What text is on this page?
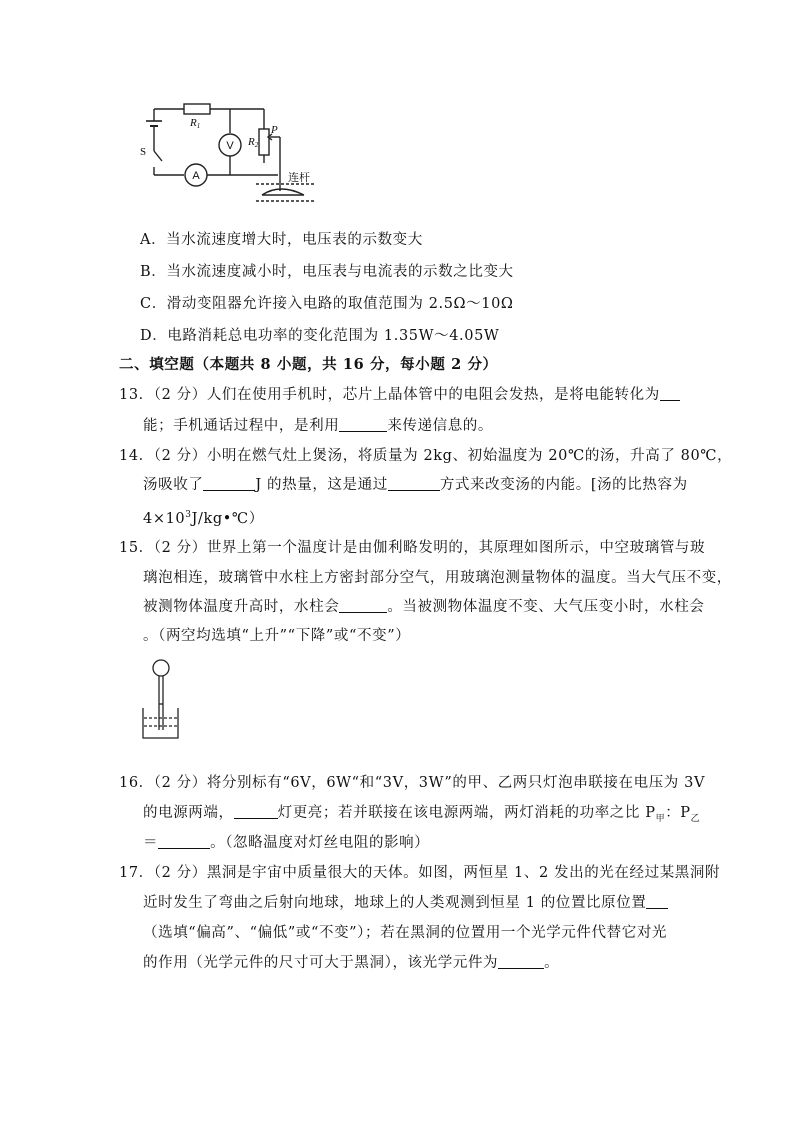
R1
R2
P
S	V
A	连杆
A．当水流速度增大时，电压表的示数变大
B．当水流速度减小时，电压表与电流表的示数之比变大
C．滑动变阻器允许接入电路的取值范围为 2.5Ω～10Ω
D．电路消耗总电功率的变化范围为 1.35W～4.05W
二、填空题（本题共 8 小题，共 16 分，每小题 2 分）
13．（2 分）人们在使用手机时，芯片上晶体管中的电阻会发热，是将电能转化为
能；手机通话过程中，是利用	来传递信息的。
14．（2 分）小明在燃气灶上煲汤，将质量为 2kg、初始温度为 20℃的汤，升高了 80℃，
汤吸收了	J 的热量，这是通过	方式来改变汤的内能。[汤的比热容为
$4\times 10^3J/kg•℃$）
15．（2 分）世界上第一个温度计是由伽利略发明的，其原理如图所示，中空玻璃管与玻
璃泡相连，玻璃管中水柱上方密封部分空气，用玻璃泡测量物体的温度。当大气压不变，
被测物体温度升高时，水柱会	。当被测物体温度不变、大气压变小时，水柱会
。（两空均选填“上升”“下降”或“不变”）
16．（2 分）将分别标有“6V，6W“和“3V，3W”的甲、乙两只灯泡串联接在电压为 3V
的电源两端，	灯更亮；若并联接在该电源两端，两灯消耗的功率之比 $P_甲$：$P_乙$
＝	。（忽略温度对灯丝电阻的影响）
17．（2 分）黑洞是宇宙中质量很大的天体。如图，两恒星 1、2 发出的光在经过某黑洞附
近时发生了弯曲之后射向地球，地球上的人类观测到恒星 1 的位置比原位置
（选填“偏高”、“偏低”或“不变”）；若在黑洞的位置用一个光学元件代替它对光
的作用（光学元件的尺寸可大于黑洞），该光学元件为	。
